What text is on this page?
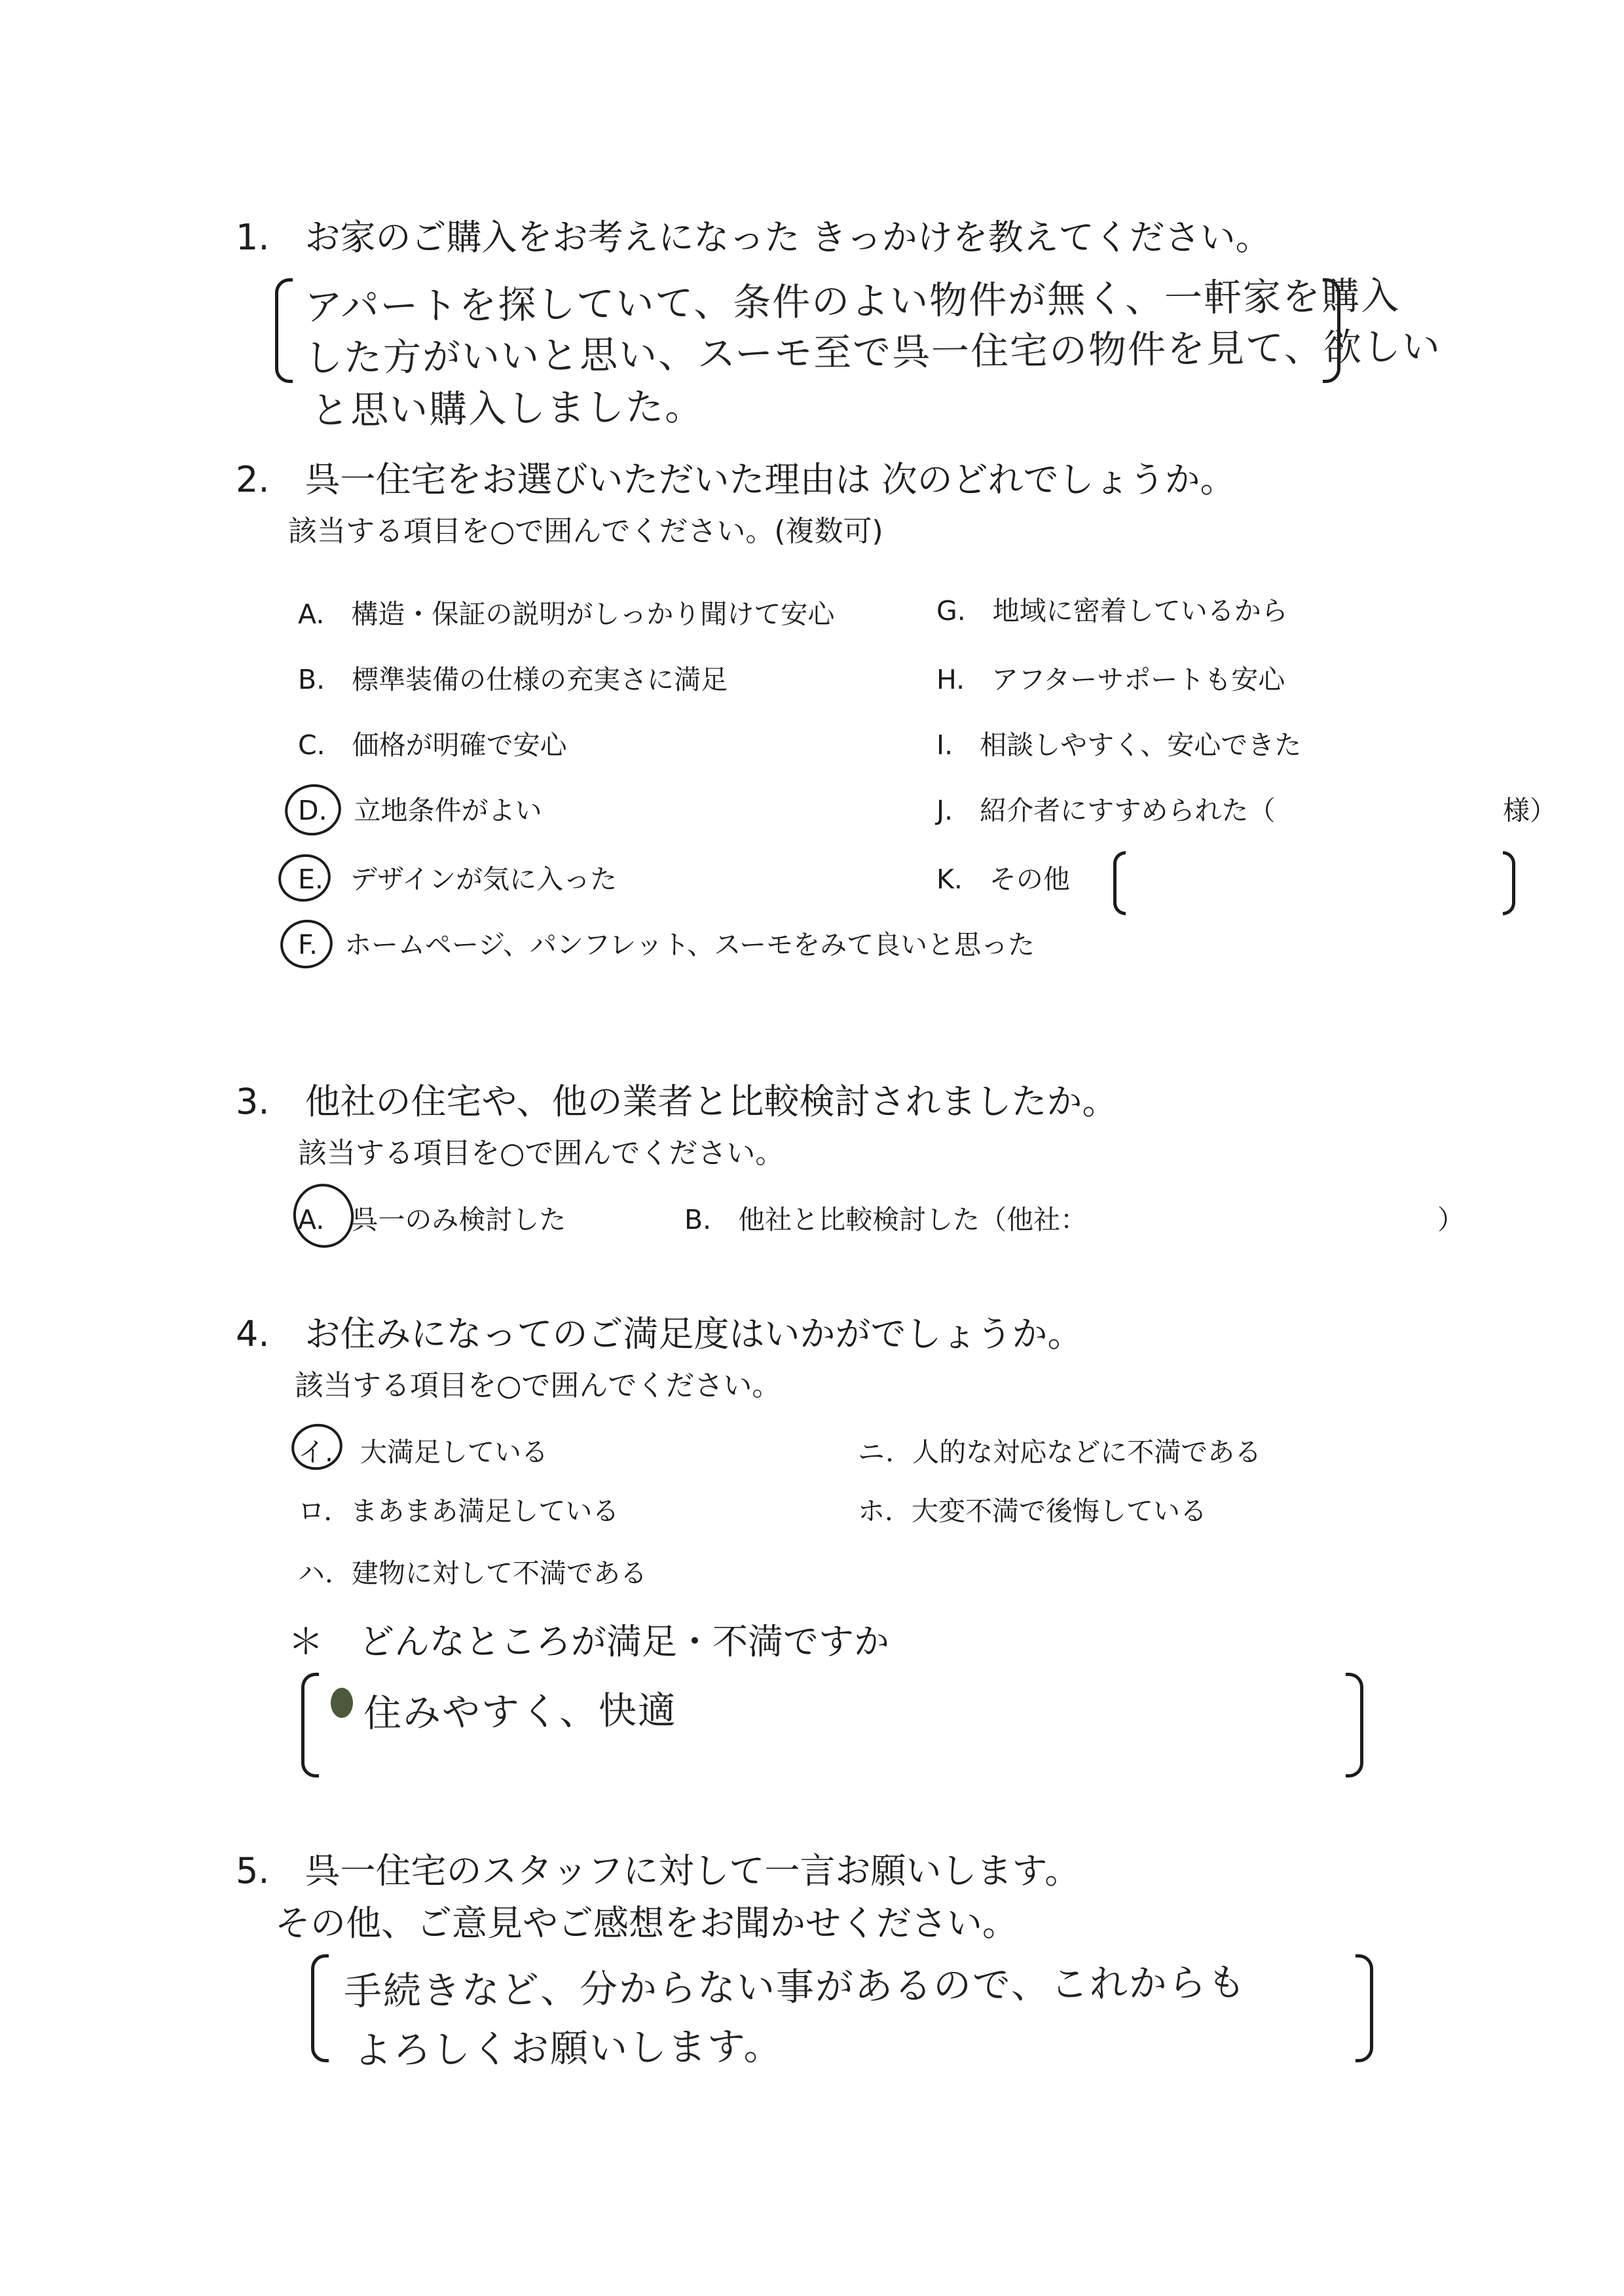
1.　お家のご購入をお考えになった きっかけを教えてください。
アパートを探していて、条件のよい物件が無く、一軒家を購入
した方がいいと思い、スーモ至で呉一住宅の物件を見て、欲しい
と思い購入しました。
2.　呉一住宅をお選びいただいた理由は 次のどれでしょうか。
該当する項目を○で囲んでください。(複数可)
A.　構造・保証の説明がしっかり聞けて安心
B.　標準装備の仕様の充実さに満足
C.　価格が明確で安心
D.　立地条件がよい
E.　デザインが気に入った
F.　ホームページ、パンフレット、スーモをみて良いと思った
G.　地域に密着しているから
H.　アフターサポートも安心
I.　相談しやすく、安心できた
J.　紹介者にすすめられた（	様）
K.　その他
3.　他社の住宅や、他の業者と比較検討されましたか。
該当する項目を○で囲んでください。
A.　呉一のみ検討した	B.　他社と比較検討した（他社：	）
4.　お住みになってのご満足度はいかがでしょうか。
該当する項目を○で囲んでください。
イ.　大満足している
ロ．まあまあ満足している
ハ．建物に対して不満である
ニ．人的な対応などに不満である
ホ．大変不満で後悔している
＊　どんなところが満足・不満ですか
住みやすく、快適
5.　呉一住宅のスタッフに対して一言お願いします。
その他、ご意見やご感想をお聞かせください。
手続きなど、分からない事があるので、これからも
よろしくお願いします。
